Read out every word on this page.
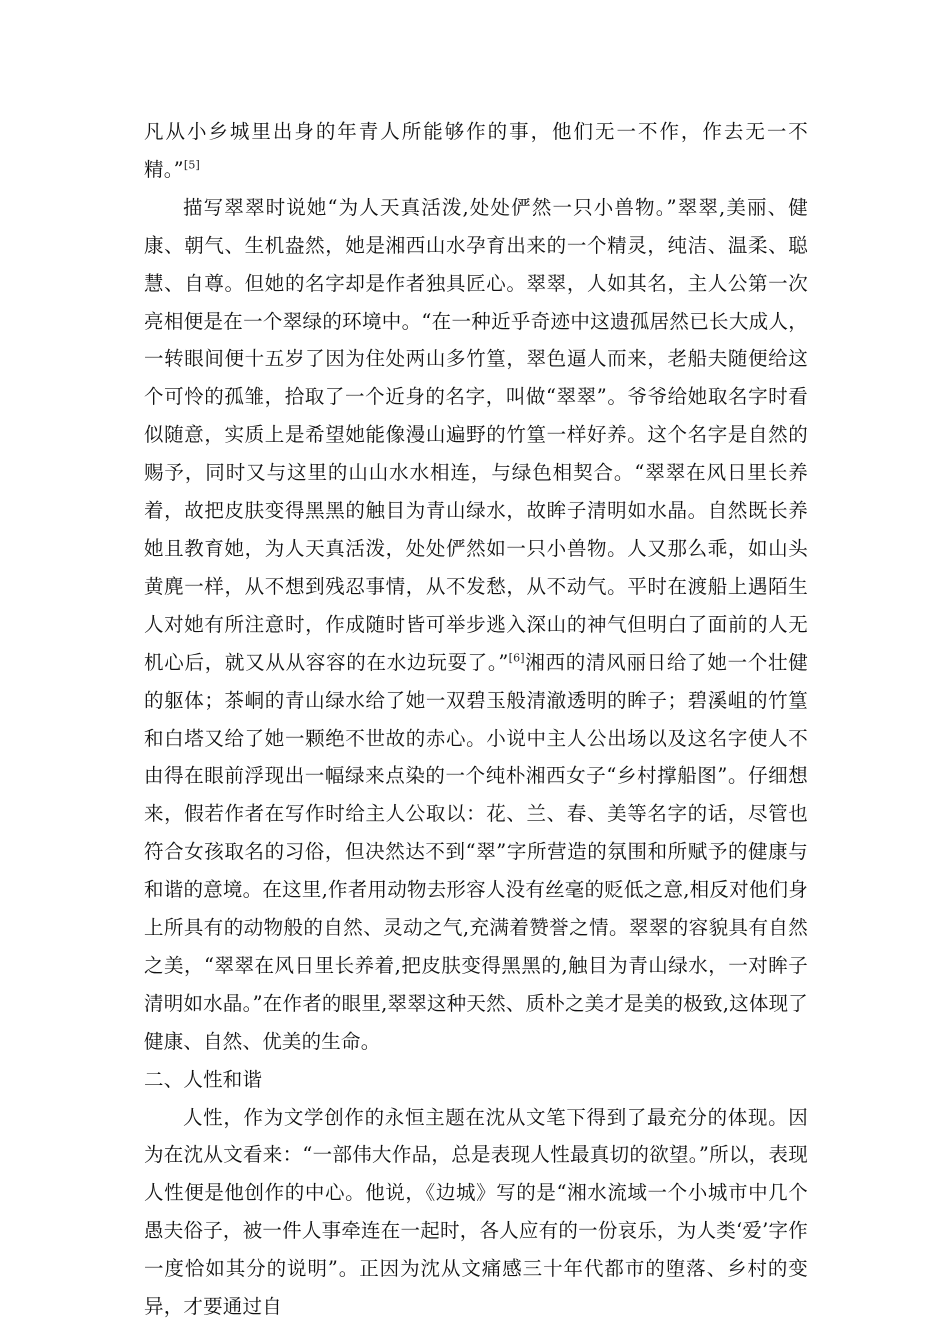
凡从小乡城里出身的年青人所能够作的事，他们无一不作，作去无一不精。”[5]

描写翠翠时说她“为人天真活泼,处处俨然一只小兽物。”翠翠,美丽、健康、朝气、生机盎然，她是湘西山水孕育出来的一个精灵，纯洁、温柔、聪慧、自尊。但她的名字却是作者独具匠心。翠翠，人如其名，主人公第一次亮相便是在一个翠绿的环境中。“在一种近乎奇迹中这遗孤居然已长大成人，一转眼间便十五岁了因为住处两山多竹篁，翠色逼人而来，老船夫随便给这个可怜的孤雏，拾取了一个近身的名字，叫做“翠翠”。爷爷给她取名字时看似随意，实质上是希望她能像漫山遍野的竹篁一样好养。这个名字是自然的赐予，同时又与这里的山山水水相连，与绿色相契合。“翠翠在风日里长养着，故把皮肤变得黑黑的触目为青山绿水，故眸子清明如水晶。自然既长养她且教育她，为人天真活泼，处处俨然如一只小兽物。人又那么乖，如山头黄麂一样，从不想到残忍事情，从不发愁，从不动气。平时在渡船上遇陌生人对她有所注意时，作成随时皆可举步逃入深山的神气但明白了面前的人无机心后，就又从从容容的在水边玩耍了。”[6]湘西的清风丽日给了她一个壮健的躯体；茶峒的青山绿水给了她一双碧玉般清澈透明的眸子；碧溪岨的竹篁和白塔又给了她一颗绝不世故的赤心。小说中主人公出场以及这名字使人不由得在眼前浮现出一幅绿来点染的一个纯朴湘西女子“乡村撑船图”。仔细想来，假若作者在写作时给主人公取以：花、兰、春、美等名字的话，尽管也符合女孩取名的习俗，但决然达不到“翠”字所营造的氛围和所赋予的健康与和谐的意境。在这里,作者用动物去形容人没有丝毫的贬低之意,相反对他们身上所具有的动物般的自然、灵动之气,充满着赞誉之情。翠翠的容貌具有自然之美，“翠翠在风日里长养着,把皮肤变得黑黑的,触目为青山绿水，一对眸子清明如水晶。”在作者的眼里,翠翠这种天然、质朴之美才是美的极致,这体现了健康、自然、优美的生命。

二、人性和谐

人性，作为文学创作的永恒主题在沈从文笔下得到了最充分的体现。因为在沈从文看来：“一部伟大作品，总是表现人性最真切的欲望。”所以，表现人性便是他创作的中心。他说，《边城》写的是“湘水流域一个小城市中几个愚夫俗子，被一件人事牵连在一起时，各人应有的一份哀乐，为人类‘爱’字作一度恰如其分的说明”。正因为沈从文痛感三十年代都市的堕落、乡村的变异，才要通过自
